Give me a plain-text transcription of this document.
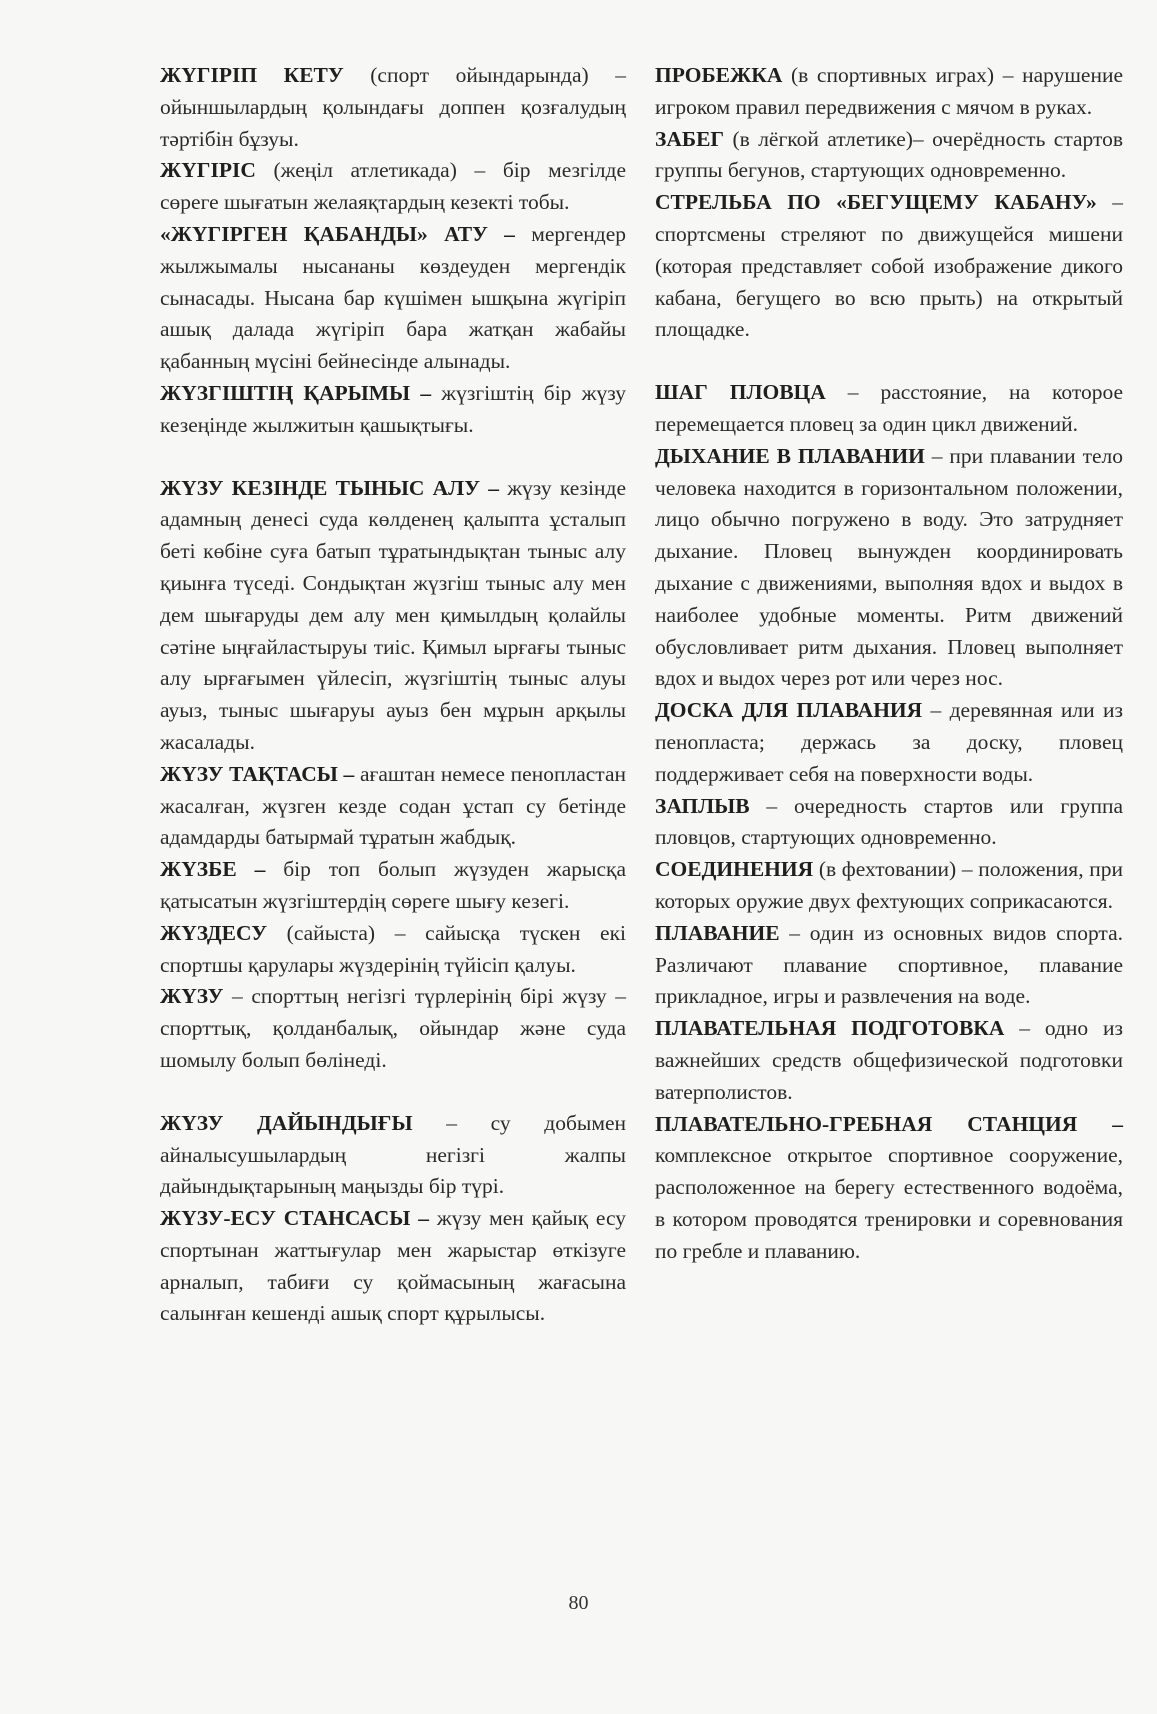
ЖҮГІРІП КЕТУ (спорт ойындарында) – ойыншылардың қолындағы доппен қозғалудың тәртібін бұзуы.

ЖҮГІРІС (жеңіл атлетикада) – бір мезгілде сөреге шығатын желаяқтардың кезекті тобы.

«ЖҮГІРГЕН ҚАБАНДЫ» АТУ – мергендер жылжымалы нысананы көздеуден мергендік сынасады. Нысана бар күшімен ышқына жүгіріп ашық далада жүгіріп бара жатқан жабайы қабанның мүсіні бейнесінде алынады.

ЖҮЗГІШТІҢ ҚАРЫМЫ – жүзгіштің бір жүзу кезеңінде жылжитын қашықтығы.

ЖҮЗУ КЕЗІНДЕ ТЫНЫС АЛУ – жүзу кезінде адамның денесі суда көлденең қалыпта ұсталып беті көбіне суға батып тұратындықтан тыныс алу қиынға түседі. Сондықтан жүзгіш тыныс алу мен дем шығаруды дем алу мен қимылдың қолайлы сәтіне ыңғайластыруы тиіс. Қимыл ырғағы тыныс алу ырғағымен үйлесіп, жүзгіштің тыныс алуы ауыз, тыныс шығаруы ауыз бен мұрын арқылы жасалады.

ЖҮЗУ ТАҚТАСЫ – ағаштан немесе пенопластан жасалған, жүзген кезде содан ұстап су бетінде адамдарды батырмай тұратын жабдық.

ЖҮЗБЕ – бір топ болып жүзуден жарысқа қатысатын жүзгіштердің сөреге шығу кезегі.

ЖҮЗДЕСУ (сайыста) – сайысқа түскен екі спортшы қарулары жүздерінің түйісіп қалуы.

ЖҮЗУ – спорттың негізгі түрлерінің бірі жүзу – спорттық, қолданбалық, ойындар және суда шомылу болып бөлінеді.

ЖҮЗУ ДАЙЫНДЫҒЫ – су добымен айналысушылардың негізгі жалпы дайындықтарының маңызды бір түрі.

ЖҮЗУ-ЕСУ СТАНСАСЫ – жүзу мен қайық есу спортынан жаттығулар мен жарыстар өткізуге арналып, табиғи су қоймасының жағасына салынған кешенді ашық спорт құрылысы.

ПРОБЕЖКА (в спортивных играх) – нарушение игроком правил передвижения с мячом в руках.

ЗАБЕГ (в лёгкой атлетике)– очерёдность стартов группы бегунов, стартующих одновременно.

СТРЕЛЬБА ПО «БЕГУЩЕМУ КАБАНУ» – спортсмены стреляют по движущейся мишени (которая представляет собой изображение дикого кабана, бегущего во всю прыть) на открытый площадке.

ШАГ ПЛОВЦА – расстояние, на которое перемещается пловец за один цикл движений.

ДЫХАНИЕ В ПЛАВАНИИ – при плавании тело человека находится в горизонтальном положении, лицо обычно погружено в воду. Это затрудняет дыхание. Пловец вынужден координировать дыхание с движениями, выполняя вдох и выдох в наиболее удобные моменты. Ритм движений обусловливает ритм дыхания. Пловец выполняет вдох и выдох через рот или через нос.

ДОСКА ДЛЯ ПЛАВАНИЯ – деревянная или из пенопласта; держась за доску, пловец поддерживает себя на поверхности воды.

ЗАПЛЫВ – очередность стартов или группа пловцов, стартующих одновременно.

СОЕДИНЕНИЯ (в фехтовании) – положения, при которых оружие двух фехтующих соприкасаются.

ПЛАВАНИЕ – один из основных видов спорта. Различают плавание спортивное, плавание прикладное, игры и развлечения на воде.

ПЛАВАТЕЛЬНАЯ ПОДГОТОВКА – одно из важнейших средств общефизической подготовки ватерполистов.

ПЛАВАТЕЛЬНО-ГРЕБНАЯ СТАНЦИЯ – комплексное открытое спортивное сооружение, расположенное на берегу естественного водоёма, в котором проводятся тренировки и соревнования по гребле и плаванию.

80
